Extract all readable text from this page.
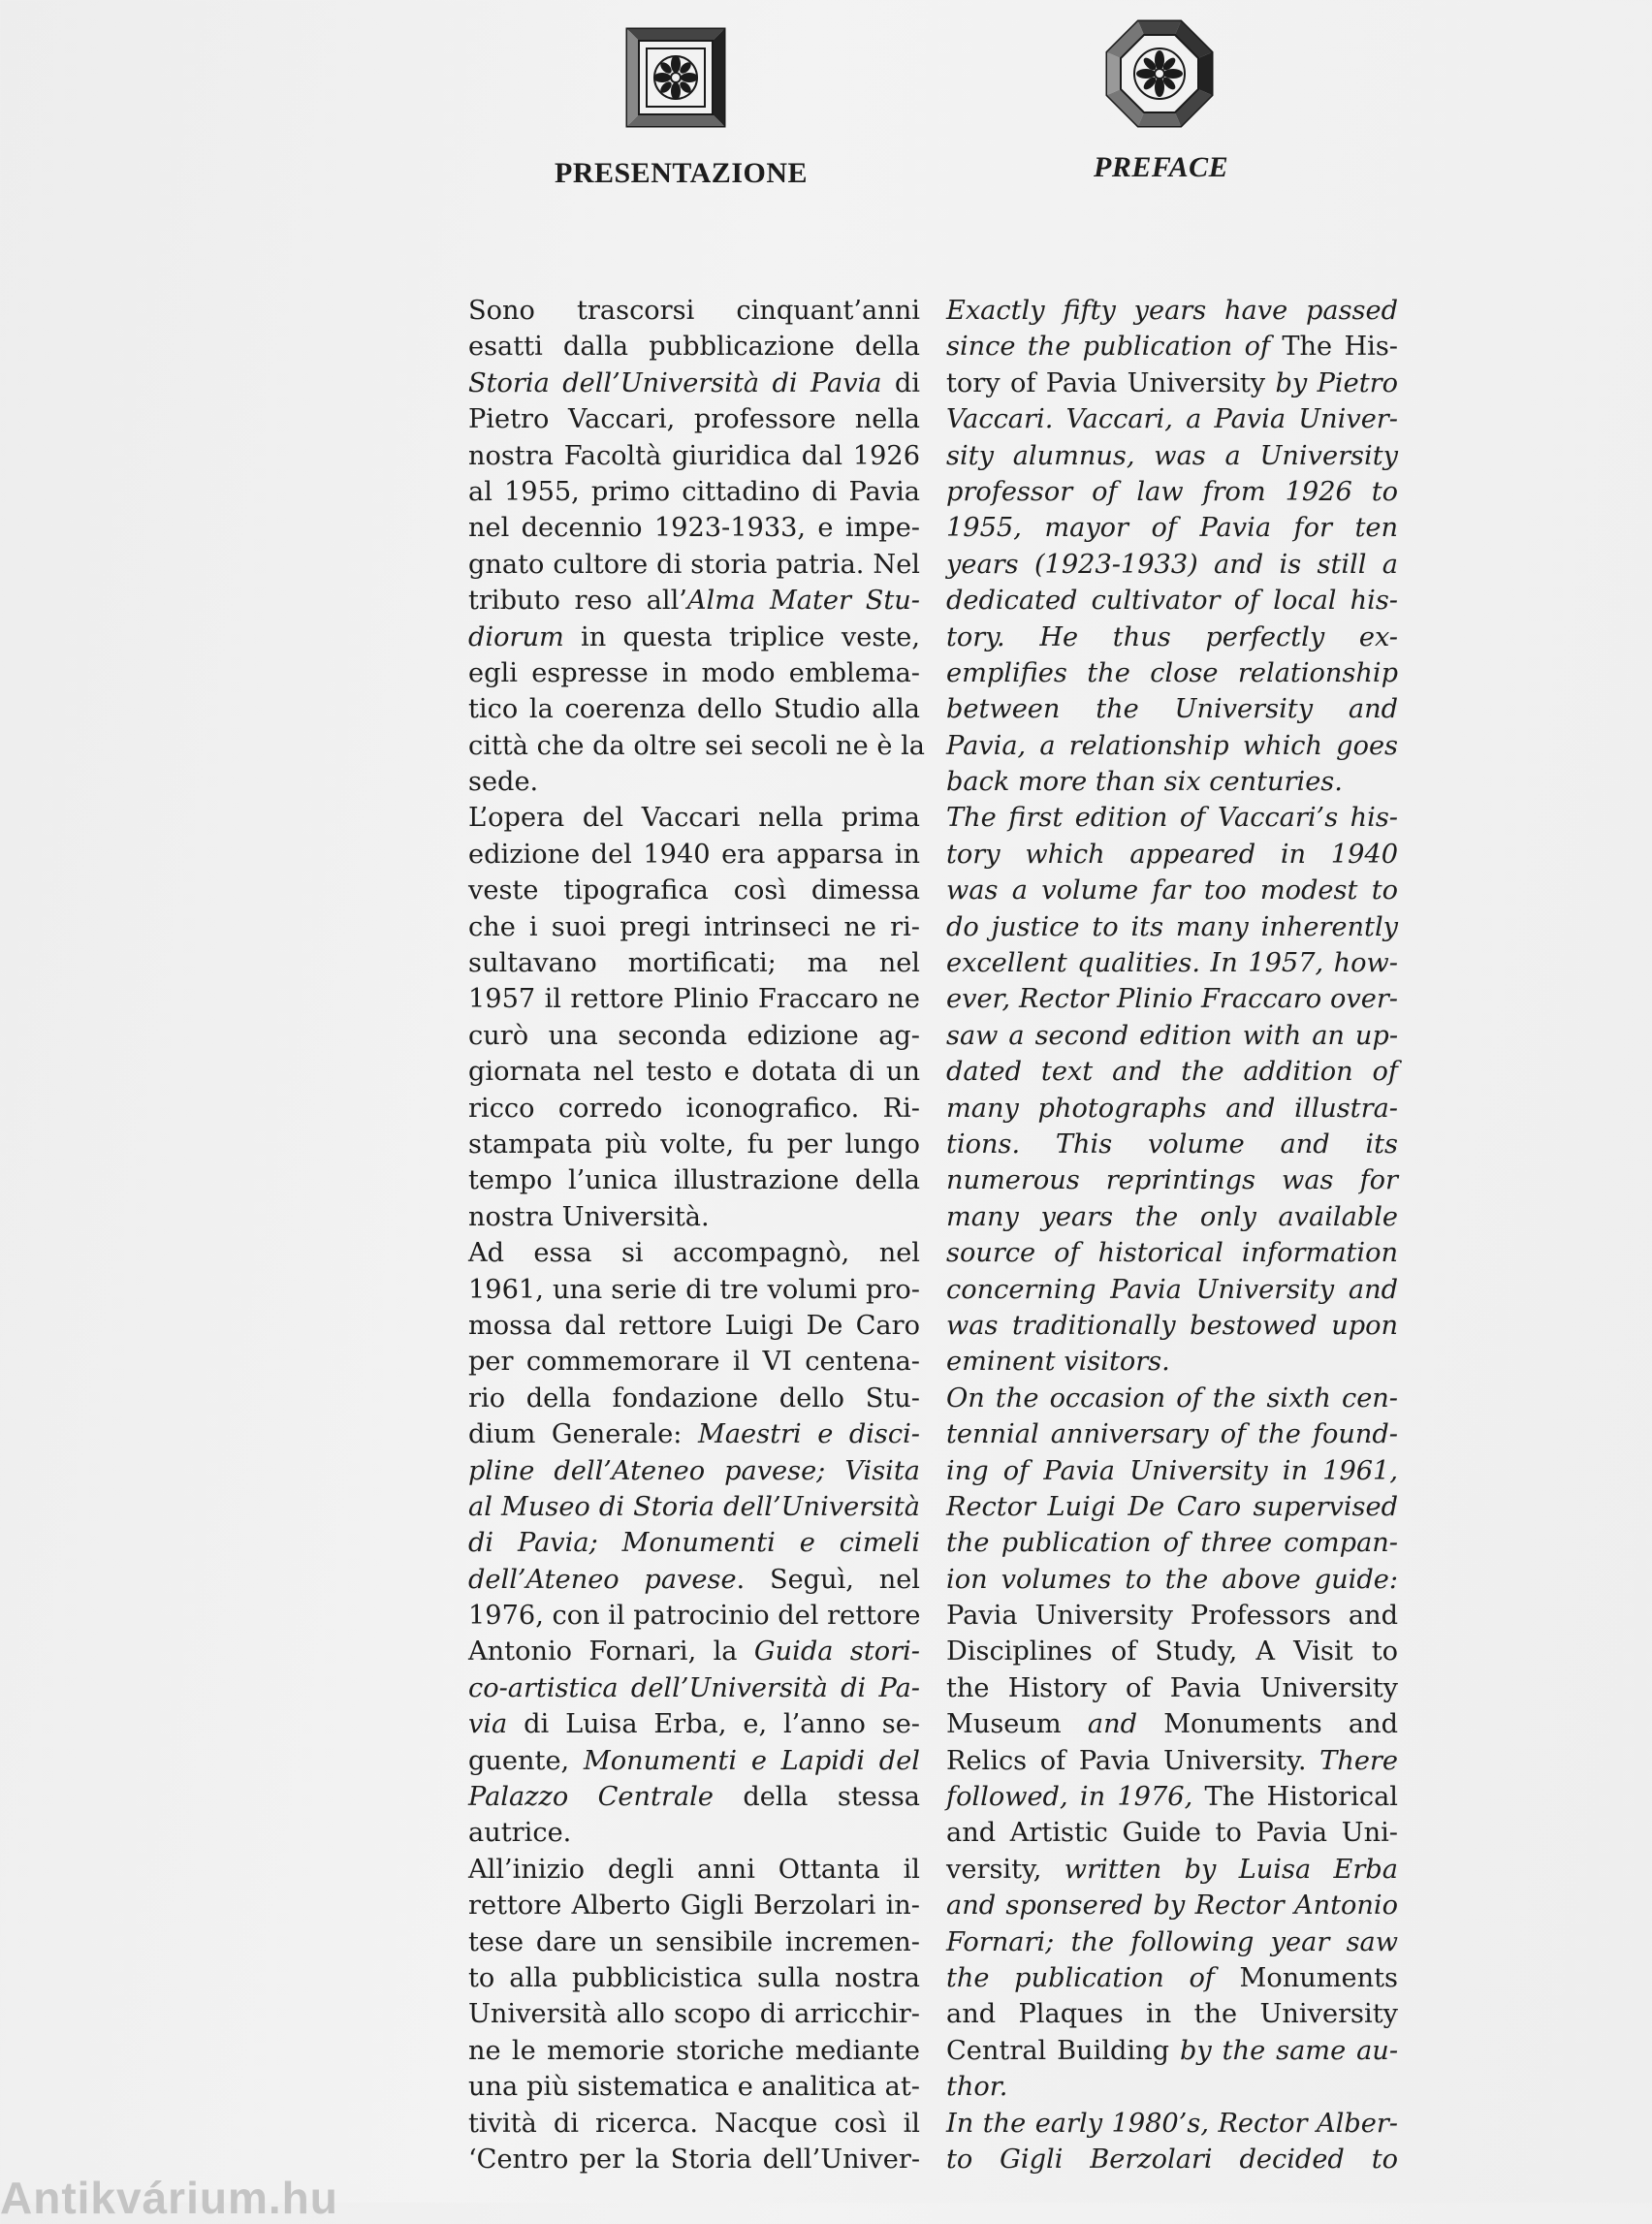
PRESENTAZIONE	PREFACE
Sono trascorsi cinquant’anni
esatti dalla pubblicazione della
Storia dell’Università di Pavia di
Pietro Vaccari, professore nella
nostra Facoltà giuridica dal 1926
al 1955, primo cittadino di Pavia
nel decennio 1923-1933, e impe-
gnato cultore di storia patria. Nel
tributo reso all’Alma Mater Stu-
diorum in questa triplice veste,
egli espresse in modo emblema-
tico la coerenza dello Studio alla
città che da oltre sei secoli ne è la
sede.
L’opera del Vaccari nella prima
edizione del 1940 era apparsa in
veste tipografica così dimessa
che i suoi pregi intrinseci ne ri-
sultavano mortificati; ma nel
1957 il rettore Plinio Fraccaro ne
curò una seconda edizione ag-
giornata nel testo e dotata di un
ricco corredo iconografico. Ri-
stampata più volte, fu per lungo
tempo l’unica illustrazione della
nostra Università.
Ad essa si accompagnò, nel
1961, una serie di tre volumi pro-
mossa dal rettore Luigi De Caro
per commemorare il VI centena-
rio della fondazione dello Stu-
dium Generale: Maestri e disci-
pline dell’Ateneo pavese; Visita
al Museo di Storia dell’Università
di Pavia; Monumenti e cimeli
dell’Ateneo pavese. Seguì, nel
1976, con il patrocinio del rettore
Antonio Fornari, la Guida stori-
co-artistica dell’Università di Pa-
via di Luisa Erba, e, l’anno se-
guente, Monumenti e Lapidi del
Palazzo Centrale della stessa
autrice.
All’inizio degli anni Ottanta il
rettore Alberto Gigli Berzolari in-
tese dare un sensibile incremen-
to alla pubblicistica sulla nostra
Università allo scopo di arricchir-
ne le memorie storiche mediante
una più sistematica e analitica at-
tività di ricerca. Nacque così il
‘Centro per la Storia dell’Univer-
Exactly fifty years have passed
since the publication of The His-
tory of Pavia University by Pietro
Vaccari. Vaccari, a Pavia Univer-
sity alumnus, was a University
professor of law from 1926 to
1955, mayor of Pavia for ten
years (1923-1933) and is still a
dedicated cultivator of local his-
tory. He thus perfectly ex-
emplifies the close relationship
between the University and
Pavia, a relationship which goes
back more than six centuries.
The first edition of Vaccari’s his-
tory which appeared in 1940
was a volume far too modest to
do justice to its many inherently
excellent qualities. In 1957, how-
ever, Rector Plinio Fraccaro over-
saw a second edition with an up-
dated text and the addition of
many photographs and illustra-
tions. This volume and its
numerous reprintings was for
many years the only available
source of historical information
concerning Pavia University and
was traditionally bestowed upon
eminent visitors.
On the occasion of the sixth cen-
tennial anniversary of the found-
ing of Pavia University in 1961,
Rector Luigi De Caro supervised
the publication of three compan-
ion volumes to the above guide:
Pavia University Professors and
Disciplines of Study, A Visit to
the History of Pavia University
Museum and Monuments and
Relics of Pavia University. There
followed, in 1976, The Historical
and Artistic Guide to Pavia Uni-
versity, written by Luisa Erba
and sponsered by Rector Antonio
Fornari; the following year saw
the publication of Monuments
and Plaques in the University
Central Building by the same au-
thor.
In the early 1980’s, Rector Alber-
to Gigli Berzolari decided to
Antikvárium.hu
